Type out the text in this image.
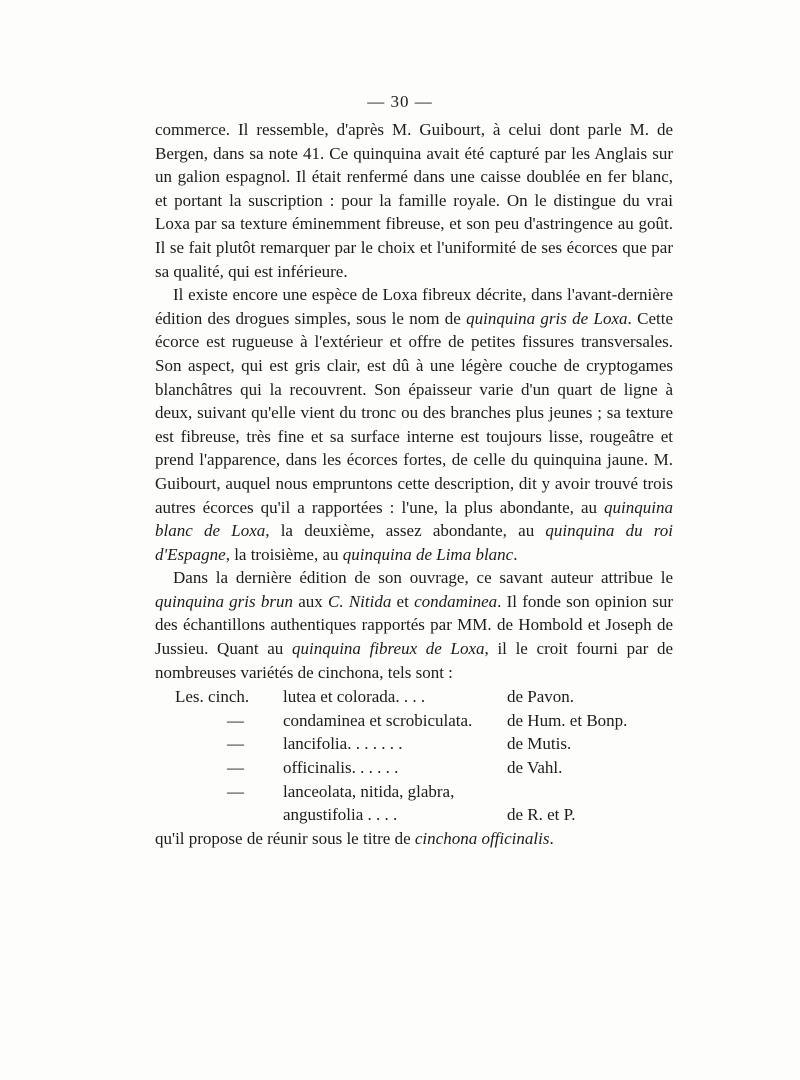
— 30 —

commerce. Il ressemble, d'après M. Guibourt, à celui dont parle M. de Bergen, dans sa note 41. Ce quinquina avait été capturé par les Anglais sur un galion espagnol. Il était renfermé dans une caisse doublée en fer blanc, et portant la suscription : pour la famille royale. On le distingue du vrai Loxa par sa texture éminemment fibreuse, et son peu d'astringence au goût. Il se fait plutôt remarquer par le choix et l'uniformité de ses écorces que par sa qualité, qui est inférieure.

Il existe encore une espèce de Loxa fibreux décrite, dans l'avant-dernière édition des drogues simples, sous le nom de quinquina gris de Loxa. Cette écorce est rugueuse à l'extérieur et offre de petites fissures transversales. Son aspect, qui est gris clair, est dû à une légère couche de cryptogames blanchâtres qui la recouvrent. Son épaisseur varie d'un quart de ligne à deux, suivant qu'elle vient du tronc ou des branches plus jeunes ; sa texture est fibreuse, très fine et sa surface interne est toujours lisse, rougeâtre et prend l'apparence, dans les écorces fortes, de celle du quinquina jaune. M. Guibourt, auquel nous empruntons cette description, dit y avoir trouvé trois autres écorces qu'il a rapportées : l'une, la plus abondante, au quinquina blanc de Loxa, la deuxième, assez abondante, au quinquina du roi d'Espagne, la troisième, au quinquina de Lima blanc.

Dans la dernière édition de son ouvrage, ce savant auteur attribue le quinquina gris brun aux C. Nitida et condaminea. Il fonde son opinion sur des échantillons authentiques rapportés par MM. de Hombold et Joseph de Jussieu. Quant au quinquina fibreux de Loxa, il le croit fourni par de nombreuses variétés de cinchona, tels sont :

Les. cinch.	lutea et colorada. . . .	de Pavon.
—	condaminea et scrobiculata.	de Hum. et Bonp.
—	lancifolia. . . . . . .	de Mutis.
—	officinalis. . . . . .	de Vahl.
—	lanceolata, nitida, glabra,
angustifolia . . . .	de R. et P.

qu'il propose de réunir sous le titre de cinchona officinalis.
